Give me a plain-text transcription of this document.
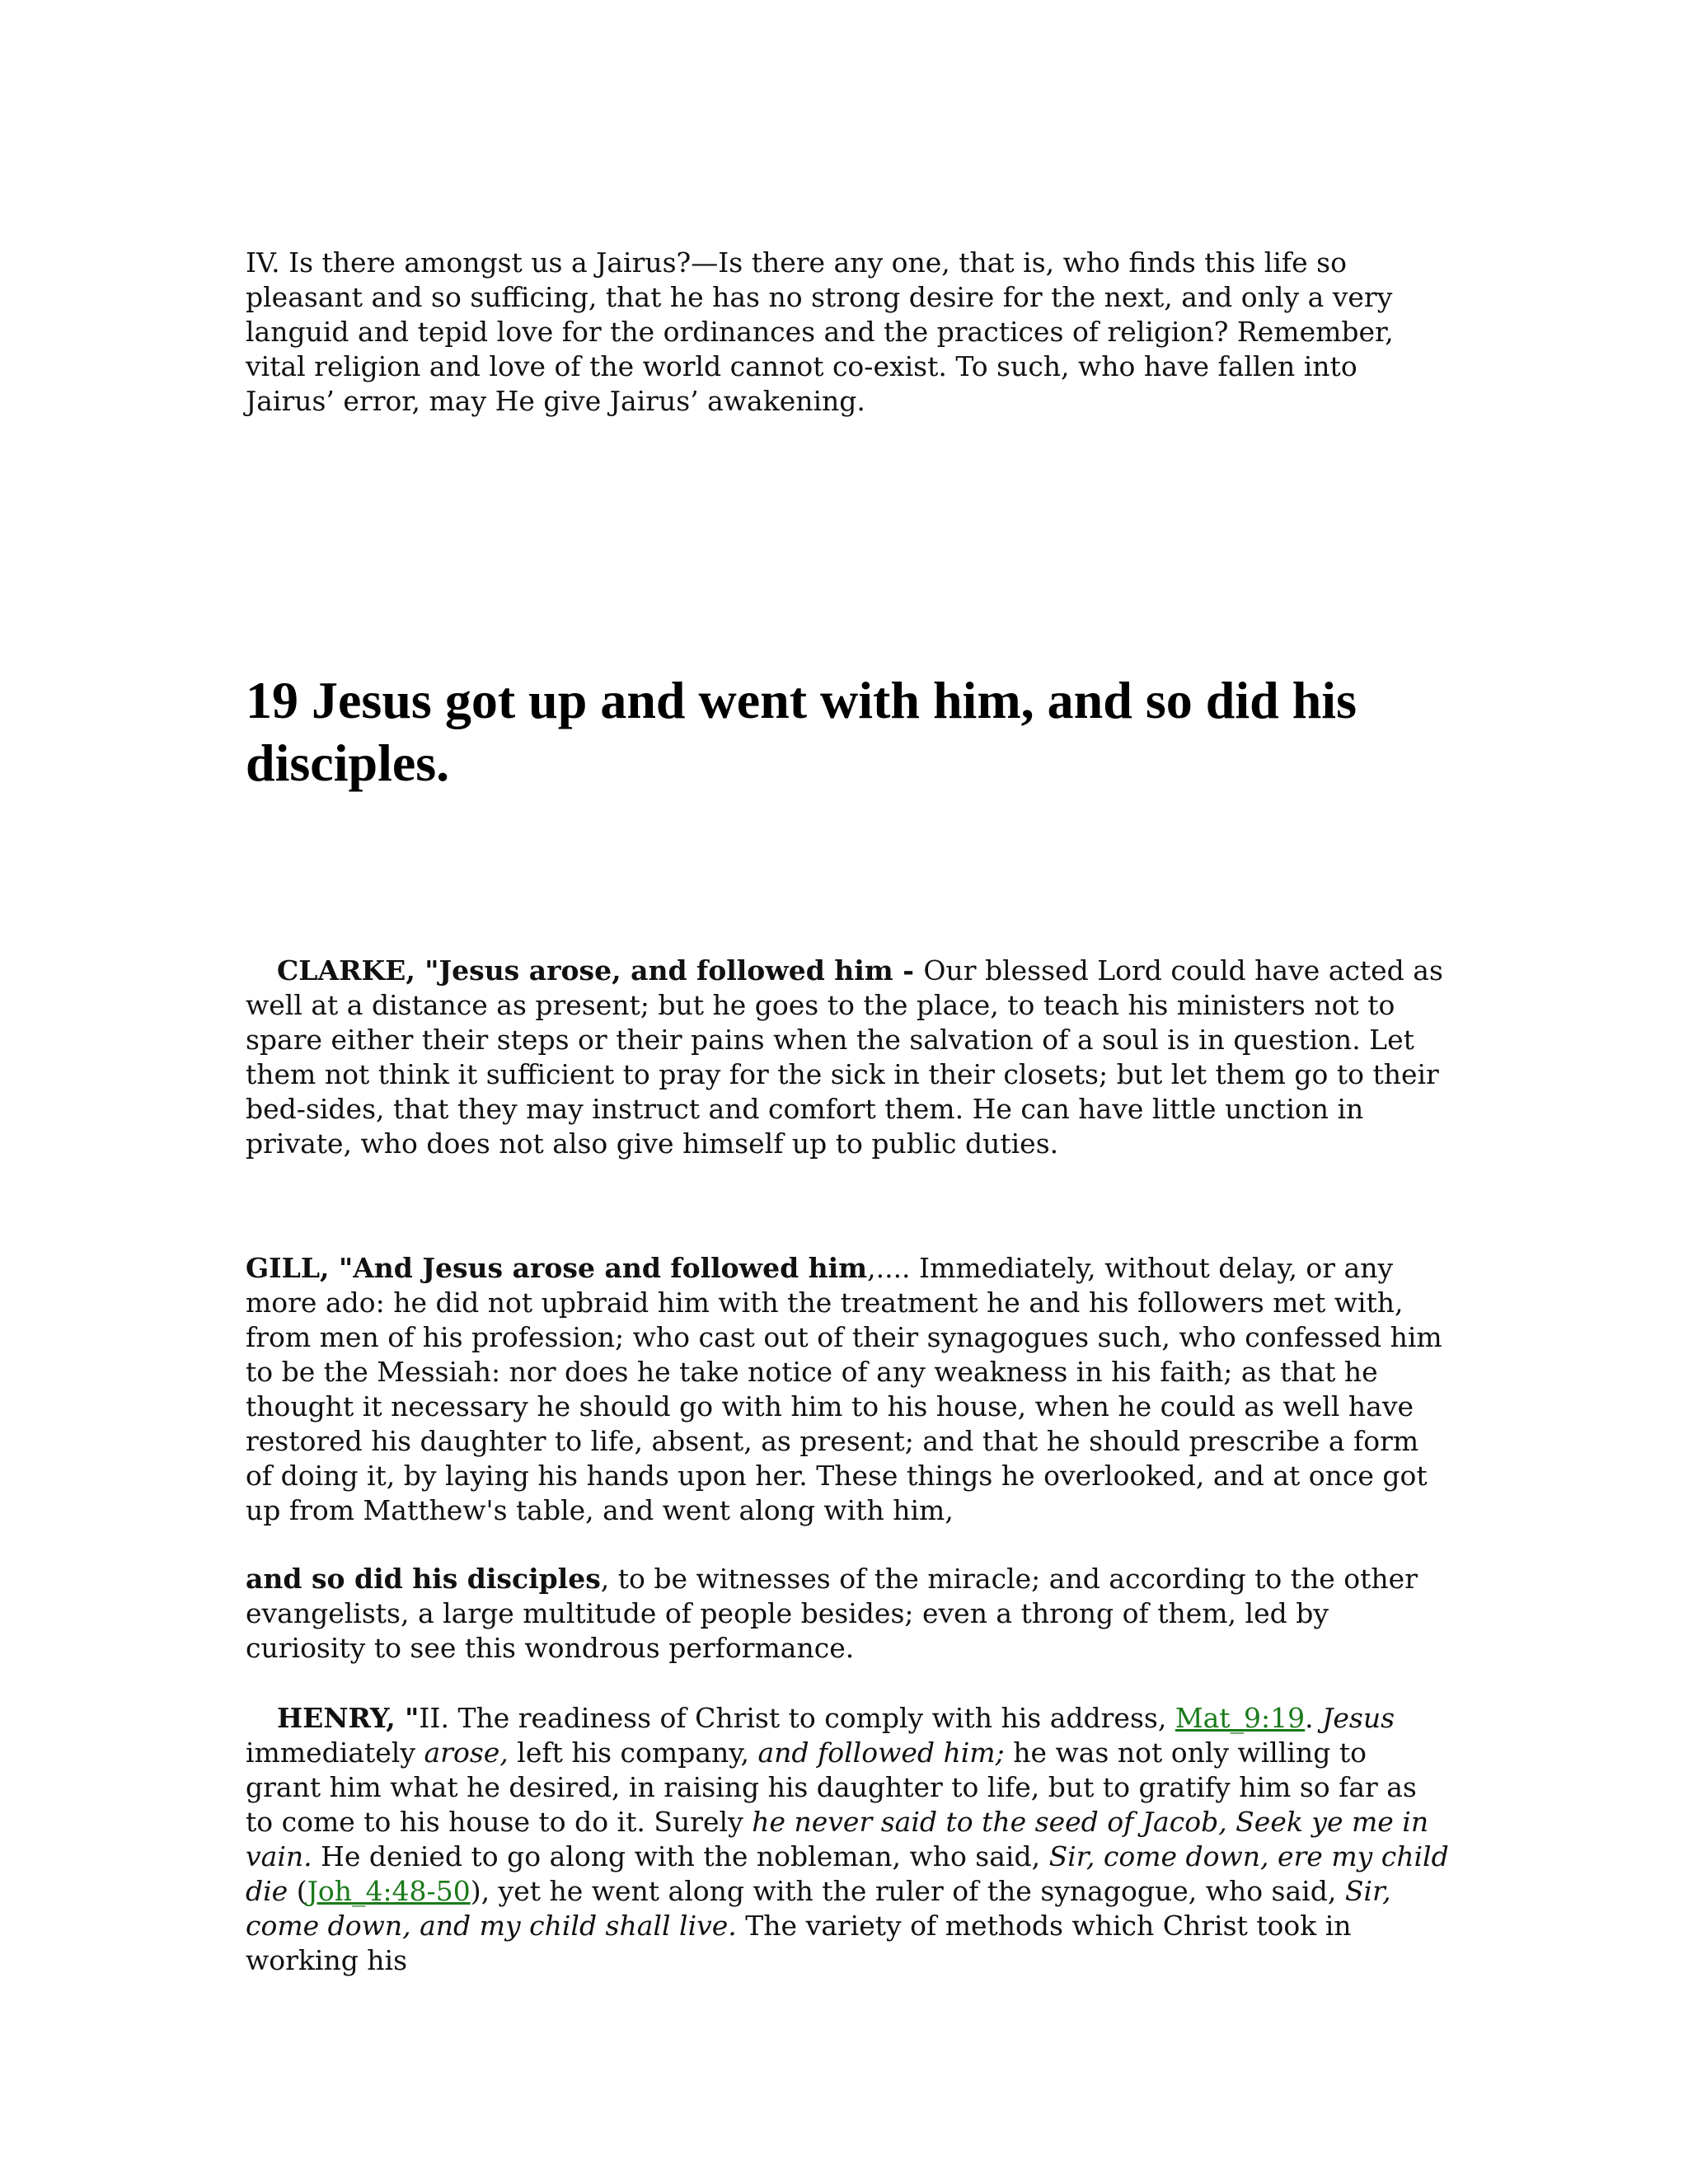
IV. Is there amongst us a Jairus?—Is there any one, that is, who finds this life so pleasant and so sufficing, that he has no strong desire for the next, and only a very languid and tepid love for the ordinances and the practices of religion? Remember, vital religion and love of the world cannot co-exist. To such, who have fallen into Jairus’ error, may He give Jairus’ awakening.

19 Jesus got up and went with him, and so did his disciples.

CLARKE, "Jesus arose, and followed him - Our blessed Lord could have acted as well at a distance as present; but he goes to the place, to teach his ministers not to spare either their steps or their pains when the salvation of a soul is in question. Let them not think it sufficient to pray for the sick in their closets; but let them go to their bed-sides, that they may instruct and comfort them. He can have little unction in private, who does not also give himself up to public duties.

GILL, "And Jesus arose and followed him,.... Immediately, without delay, or any more ado: he did not upbraid him with the treatment he and his followers met with, from men of his profession; who cast out of their synagogues such, who confessed him to be the Messiah: nor does he take notice of any weakness in his faith; as that he thought it necessary he should go with him to his house, when he could as well have restored his daughter to life, absent, as present; and that he should prescribe a form of doing it, by laying his hands upon her. These things he overlooked, and at once got up from Matthew's table, and went along with him,

and so did his disciples, to be witnesses of the miracle; and according to the other evangelists, a large multitude of people besides; even a throng of them, led by curiosity to see this wondrous performance.

HENRY, "II. The readiness of Christ to comply with his address, Mat_9:19. Jesus immediately arose, left his company, and followed him; he was not only willing to grant him what he desired, in raising his daughter to life, but to gratify him so far as to come to his house to do it. Surely he never said to the seed of Jacob, Seek ye me in vain. He denied to go along with the nobleman, who said, Sir, come down, ere my child die (Joh_4:48-50), yet he went along with the ruler of the synagogue, who said, Sir, come down, and my child shall live. The variety of methods which Christ took in working his
